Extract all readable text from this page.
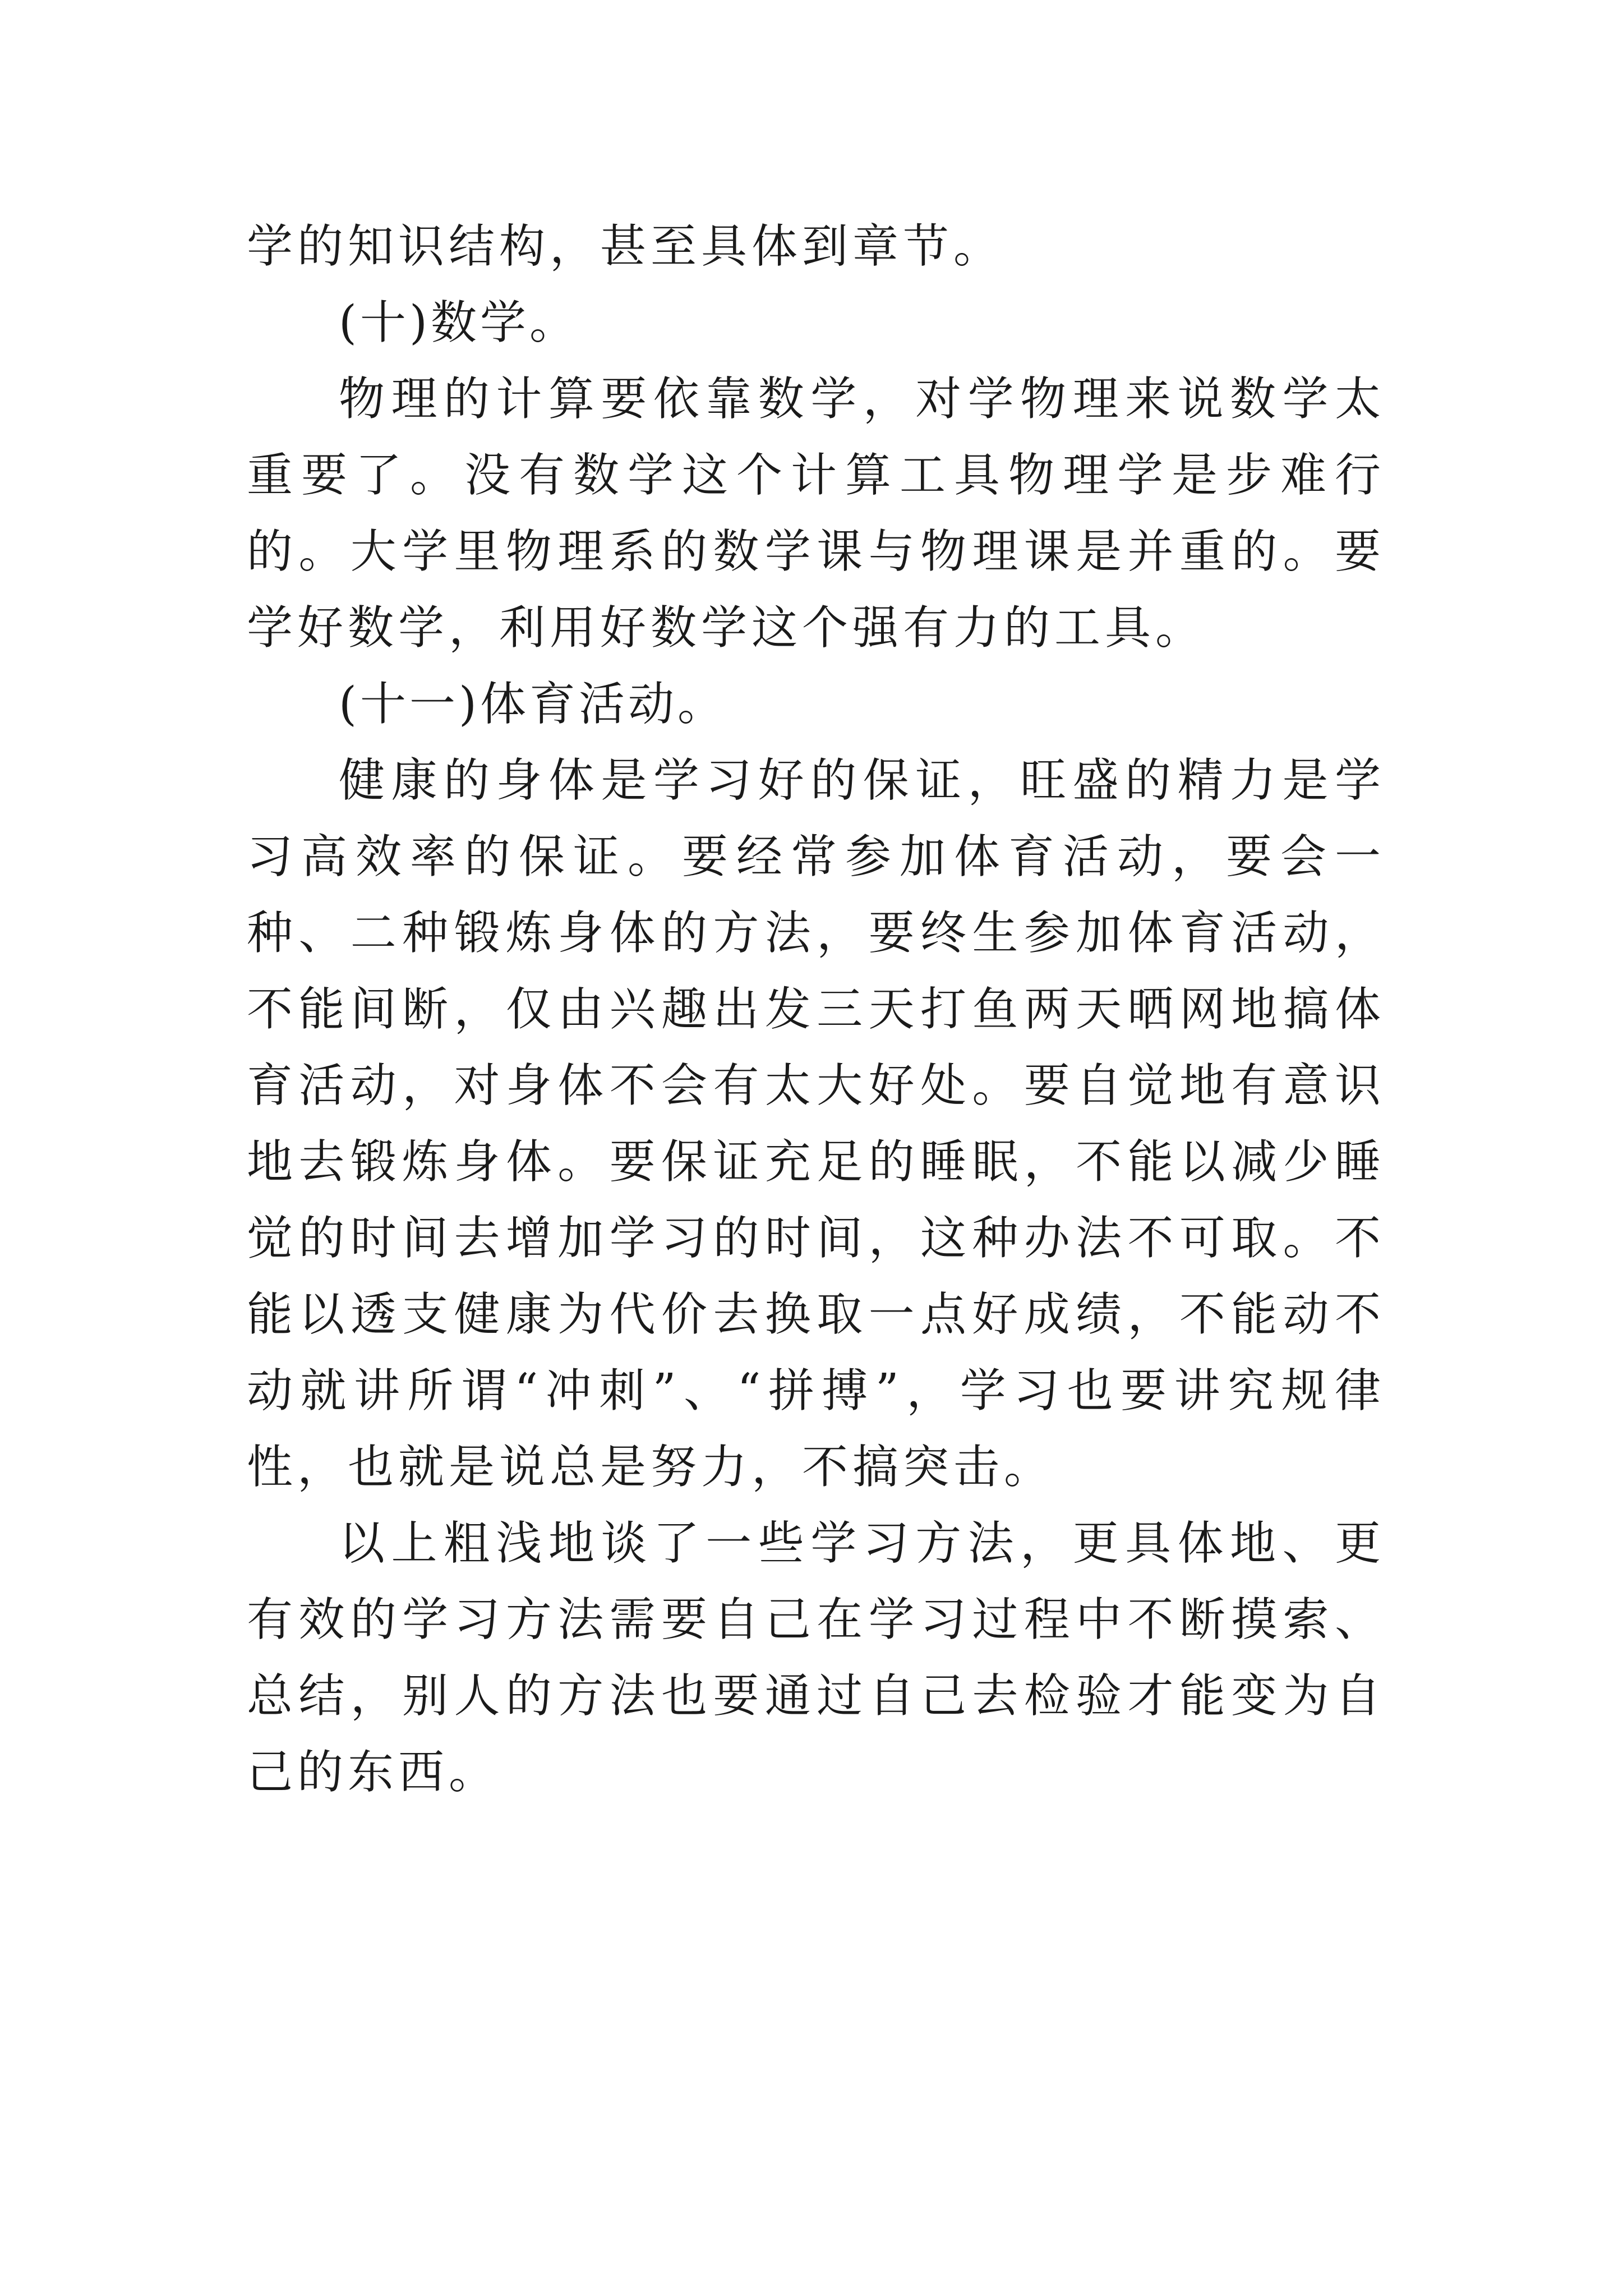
学的知识结构，甚至具体到章节。

(十)数学。

物理的计算要依靠数学，对学物理来说数学太重要了。没有数学这个计算工具物理学是步难行的。大学里物理系的数学课与物理课是并重的。要学好数学，利用好数学这个强有力的工具。

(十一)体育活动。

健康的身体是学习好的保证，旺盛的精力是学习高效率的保证。要经常参加体育活动，要会一种、二种锻炼身体的方法，要终生参加体育活动，不能间断，仅由兴趣出发三天打鱼两天晒网地搞体育活动，对身体不会有太大好处。要自觉地有意识地去锻炼身体。要保证充足的睡眠，不能以减少睡觉的时间去增加学习的时间，这种办法不可取。不能以透支健康为代价去换取一点好成绩，不能动不动就讲所谓“冲刺”、“拼搏”，学习也要讲究规律性，也就是说总是努力，不搞突击。

以上粗浅地谈了一些学习方法，更具体地、更有效的学习方法需要自己在学习过程中不断摸索、总结，别人的方法也要通过自己去检验才能变为自己的东西。
